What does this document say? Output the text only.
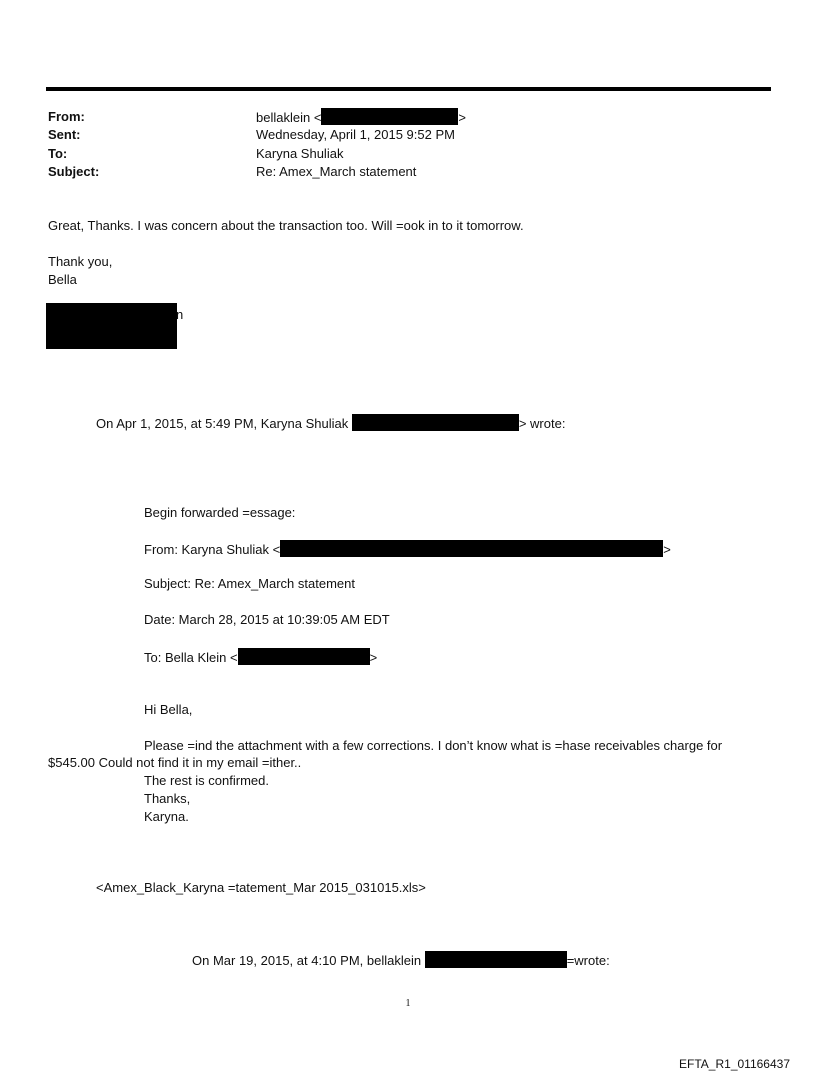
From:	bellaklein <	>
Sent:	Wednesday, April 1, 2015 9:52 PM
To:	Karyna Shuliak
Subject:	Re: Amex_March statement
Great, Thanks. I was concern about the transaction too. Will =ook in to it tomorrow.
Thank you,
Bella
n
On Apr 1, 2015, at 5:49 PM, Karyna Shuliak	> wrote:
Begin forwarded =essage:
From: Karyna Shuliak <	>
Subject: Re: Amex_March statement
Date: March 28, 2015 at 10:39:05 AM EDT
To: Bella Klein <	>
Hi Bella,
Please =ind the attachment with a few corrections. I don’t know what is =hase receivables charge for
$545.00 Could not find it in my email =ither..
The rest is confirmed.
Thanks,
Karyna.
<Amex_Black_Karyna =tatement_Mar 2015_031015.xls>
On Mar 19, 2015, at 4:10 PM, bellaklein	=wrote:
1
EFTA_R1_01166437
